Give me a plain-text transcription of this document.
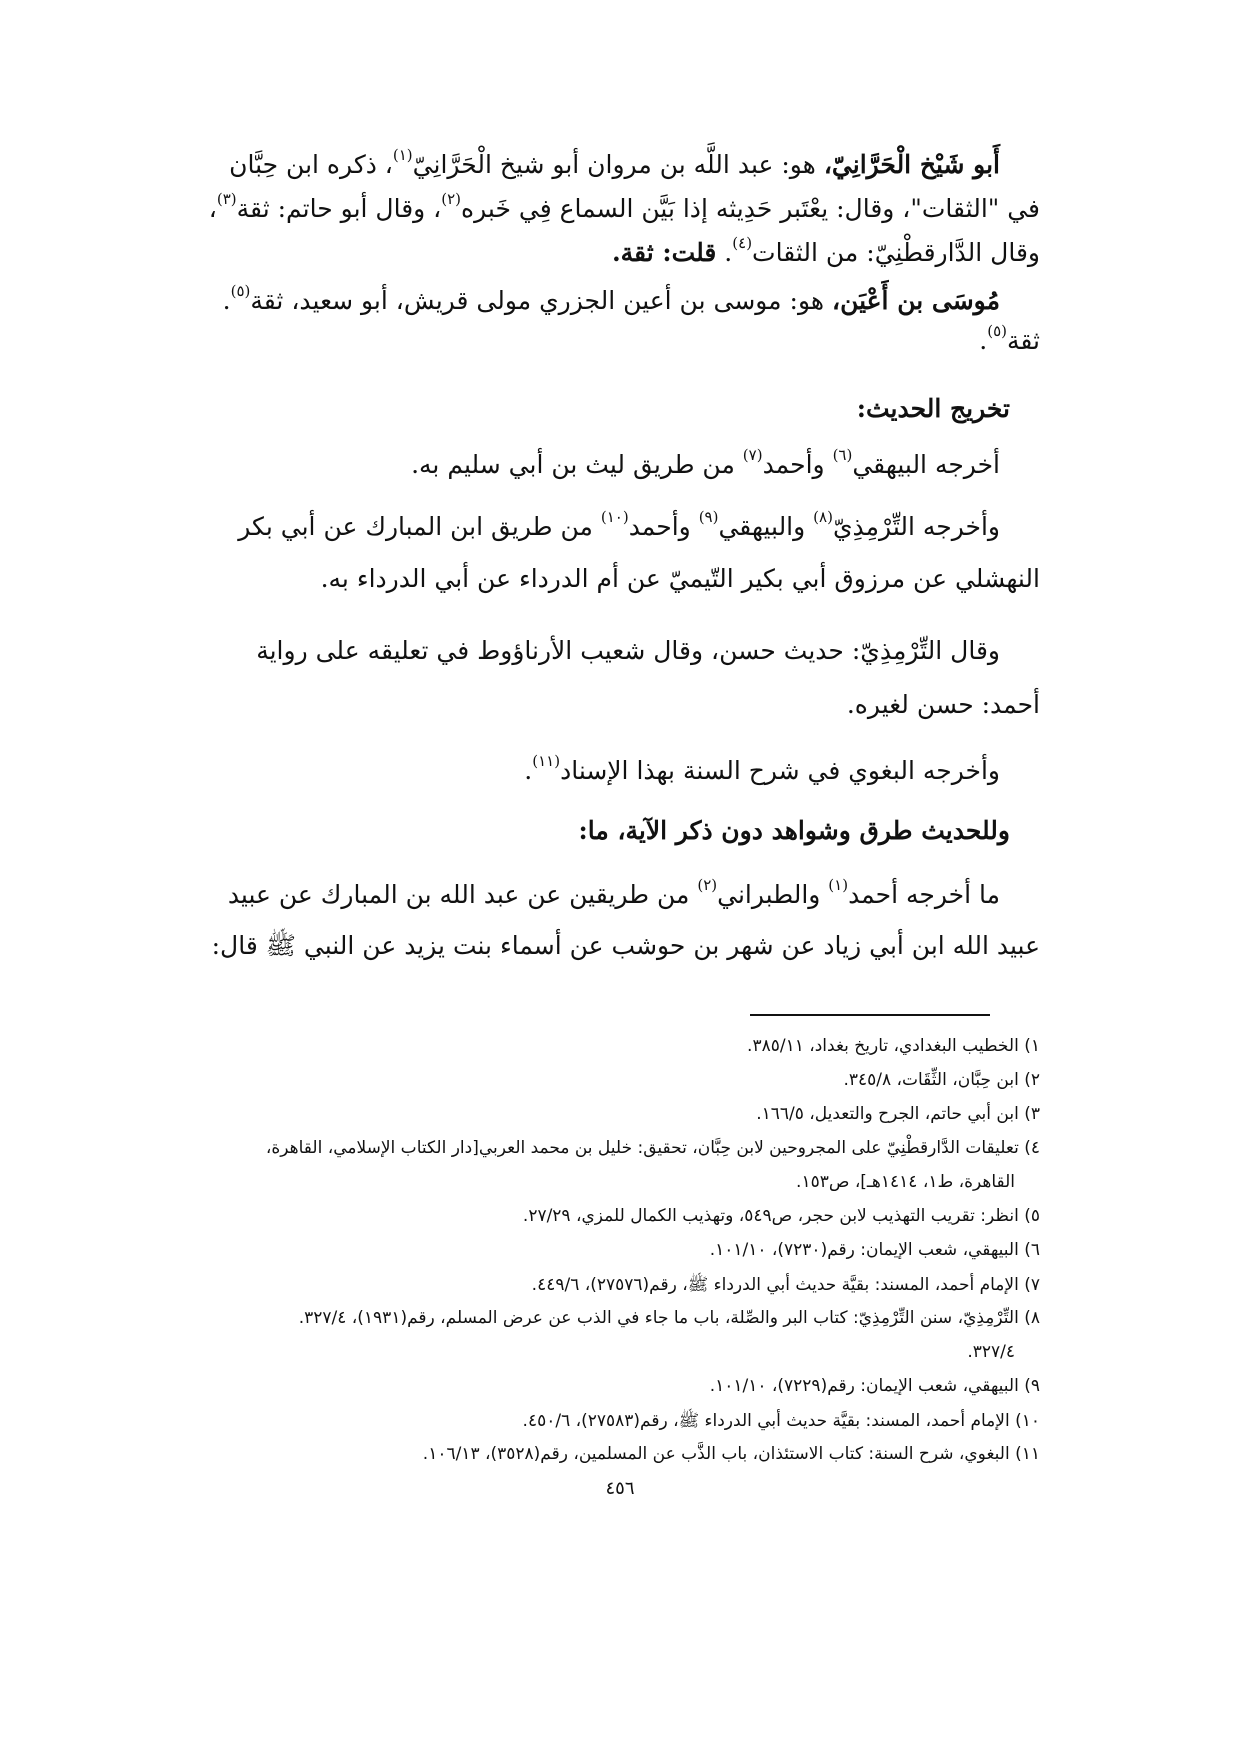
أَبو شَيْخ الْحَرَّانِيّ، هو: عبد اللَّه بن مروان أبو شيخ الْحَرَّانِيّ$^{(١)}$، ذكره ابن حِبَّان
في "الثقات"، وقال: يعْتَبر حَدِيثه إذا بَيَّن السماع فِي خَبره$^{(٢)}$، وقال أبو حاتم: ثقة$^{(٣)}$،
وقال الدَّارقطْنِيّ: من الثقات$^{(٤)}$. قلت: ثقة.
مُوسَى بن أَعْيَن، هو: موسى بن أعين الجزري مولى قريش، أبو سعيد، ثقة$^{(٥)}$.
ثقة$^{(٥)}$.
تخريج الحديث:
أخرجه البيهقي$^{(٦)}$ وأحمد$^{(٧)}$ من طريق ليث بن أبي سليم به.
وأخرجه التِّرْمِذِيّ$^{(٨)}$ والبيهقي$^{(٩)}$ وأحمد$^{(١٠)}$ من طريق ابن المبارك عن أبي بكر
النهشلي عن مرزوق أبي بكير التّيميّ عن أم الدرداء عن أبي الدرداء به.
وقال التِّرْمِذِيّ: حديث حسن، وقال شعيب الأرناؤوط في تعليقه على رواية
أحمد: حسن لغيره.
وأخرجه البغوي في شرح السنة بهذا الإسناد$^{(١١)}$.
وللحديث طرق وشواهد دون ذكر الآية، ما:
ما أخرجه أحمد$^{(١)}$ والطبراني$^{(٢)}$ من طريقين عن عبد الله بن المبارك عن عبيد
عبيد الله ابن أبي زياد عن شهر بن حوشب عن أسماء بنت يزيد عن النبي ﷺ قال:
١) الخطيب البغدادي، تاريخ بغداد، ٣٨٥/١١.
٢) ابن حِبَّان، الثِّقَات، ٣٤٥/٨.
٣) ابن أبي حاتم، الجرح والتعديل، ١٦٦/٥.
٤) تعليقات الدَّارقطْنِيّ على المجروحين لابن حِبَّان، تحقيق: خليل بن محمد العربي[دار الكتاب الإسلامي، القاهرة،
القاهرة، ط١، ١٤١٤هـ]، ص١٥٣.
٥) انظر: تقريب التهذيب لابن حجر، ص٥٤٩، وتهذيب الكمال للمزي، ٢٧/٢٩.
٦) البيهقي، شعب الإيمان: رقم(٧٢٣٠)، ١٠١/١٠.
٧) الإمام أحمد، المسند: بقيَّة حديث أبي الدرداء ﷺ، رقم(٢٧٥٧٦)، ٤٤٩/٦.
٨) التِّرْمِذِيّ، سنن التِّرْمِذِيّ: كتاب البر والصِّلة، باب ما جاء في الذب عن عرض المسلم، رقم(١٩٣١)، ٣٢٧/٤.
٣٢٧/٤.
٩) البيهقي، شعب الإيمان: رقم(٧٢٢٩)، ١٠١/١٠.
١٠) الإمام أحمد، المسند: بقيَّة حديث أبي الدرداء ﷺ، رقم(٢٧٥٨٣)، ٤٥٠/٦.
١١) البغوي، شرح السنة: كتاب الاستئذان، باب الذَّب عن المسلمين، رقم(٣٥٢٨)، ١٠٦/١٣.
٤٥٦
